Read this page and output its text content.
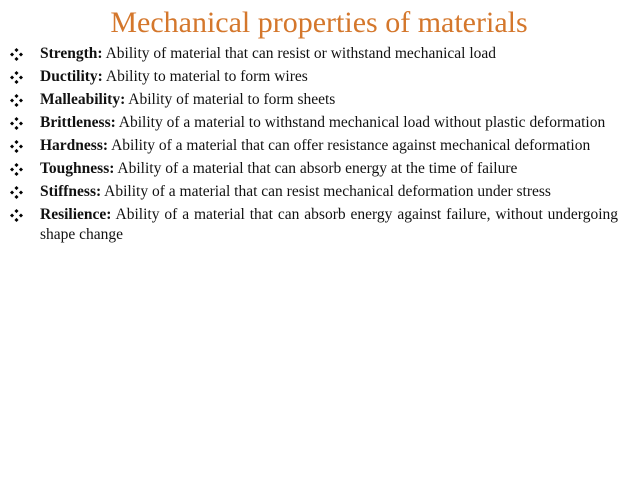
Mechanical properties of materials
Strength: Ability of material that can resist or withstand mechanical load
Ductility: Ability to material to form wires
Malleability: Ability of material to form sheets
Brittleness: Ability of a material to withstand mechanical load without plastic deformation
Hardness: Ability of a material that can offer resistance against mechanical deformation
Toughness: Ability of a material that can absorb energy at the time of failure
Stiffness: Ability of a material that can resist mechanical deformation under stress
Resilience: Ability of a material that can absorb energy against failure, without undergoing shape change
